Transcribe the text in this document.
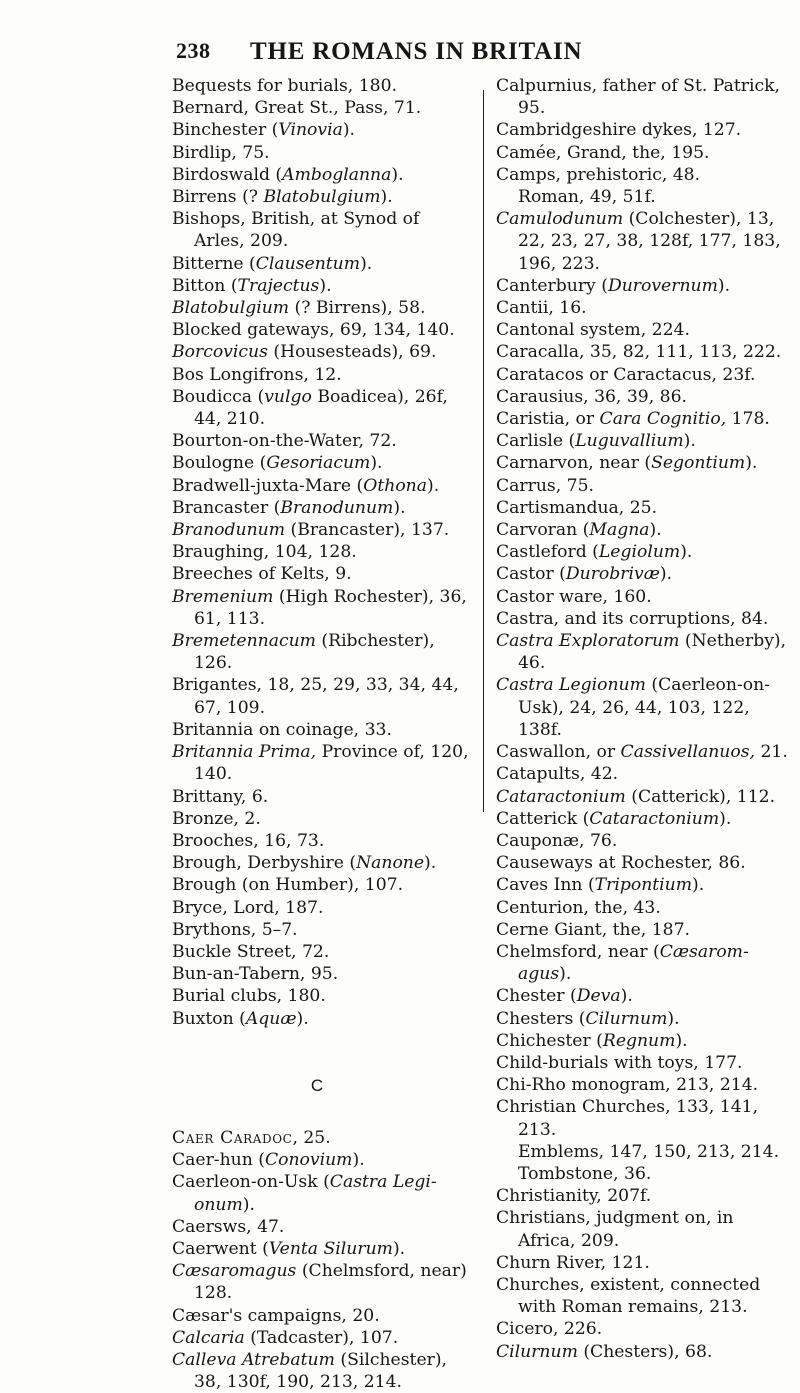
238 THE ROMANS IN BRITAIN
Bequests for burials, 180.
Bernard, Great St., Pass, 71.
Binchester (Vinovia).
Birdlip, 75.
Birdoswald (Amboglanna).
Birrens (? Blatobulgium).
Bishops, British, at Synod of Arles, 209.
Bitterne (Clausentum).
Bitton (Trajectus).
Blatobulgium (? Birrens), 58.
Blocked gateways, 69, 134, 140.
Borcovicus (Housesteads), 69.
Bos Longifrons, 12.
Boudicca (vulgo Boadicea), 26f, 44, 210.
Bourton-on-the-Water, 72.
Boulogne (Gesoriacum).
Bradwell-juxta-Mare (Othona).
Brancaster (Branodunum).
Branodunum (Brancaster), 137.
Braughing, 104, 128.
Breeches of Kelts, 9.
Bremenium (High Rochester), 36, 61, 113.
Bremetennacum (Ribchester), 126.
Brigantes, 18, 25, 29, 33, 34, 44, 67, 109.
Britannia on coinage, 33.
Britannia Prima, Province of, 120, 140.
Brittany, 6.
Bronze, 2.
Brooches, 16, 73.
Brough, Derbyshire (Nanone).
Brough (on Humber), 107.
Bryce, Lord, 187.
Brythons, 5–7.
Buckle Street, 72.
Bun-an-Tabern, 95.
Burial clubs, 180.
Buxton (Aquæ).
C
Caer Caradoc, 25.
Caer-hun (Conovium).
Caerleon-on-Usk (Castra Legi-onum).
Caersws, 47.
Caerwent (Venta Silurum).
Cæsaromagus (Chelmsford, near) 128.
Cæsar's campaigns, 20.
Calcaria (Tadcaster), 107.
Calleva Atrebatum (Silchester), 38, 130f, 190, 213, 214.
Calpurnius, father of St. Patrick, 95.
Cambridgeshire dykes, 127.
Camée, Grand, the, 195.
Camps, prehistoric, 48.
Roman, 49, 51f.
Camulodunum (Colchester), 13, 22, 23, 27, 38, 128f, 177, 183, 196, 223.
Canterbury (Durovernum).
Cantii, 16.
Cantonal system, 224.
Caracalla, 35, 82, 111, 113, 222.
Caratacos or Caractacus, 23f.
Carausius, 36, 39, 86.
Caristia, or Cara Cognitio, 178.
Carlisle (Luguvallium).
Carnarvon, near (Segontium).
Carrus, 75.
Cartismandua, 25.
Carvoran (Magna).
Castleford (Legiolum).
Castor (Durobrivæ).
Castor ware, 160.
Castra, and its corruptions, 84.
Castra Exploratorum (Netherby), 46.
Castra Legionum (Caerleon-on-Usk), 24, 26, 44, 103, 122, 138f.
Caswallon, or Cassivellanuos, 21.
Catapults, 42.
Cataractonium (Catterick), 112.
Catterick (Cataractonium).
Cauponæ, 76.
Causeways at Rochester, 86.
Caves Inn (Tripontium).
Centurion, the, 43.
Cerne Giant, the, 187.
Chelmsford, near (Cæsarom-agus).
Chester (Deva).
Chesters (Cilurnum).
Chichester (Regnum).
Child-burials with toys, 177.
Chi-Rho monogram, 213, 214.
Christian Churches, 133, 141, 213.
Emblems, 147, 150, 213, 214.
Tombstone, 36.
Christianity, 207f.
Christians, judgment on, in Africa, 209.
Churn River, 121.
Churches, existent, connected with Roman remains, 213.
Cicero, 226.
Cilurnum (Chesters), 68.
